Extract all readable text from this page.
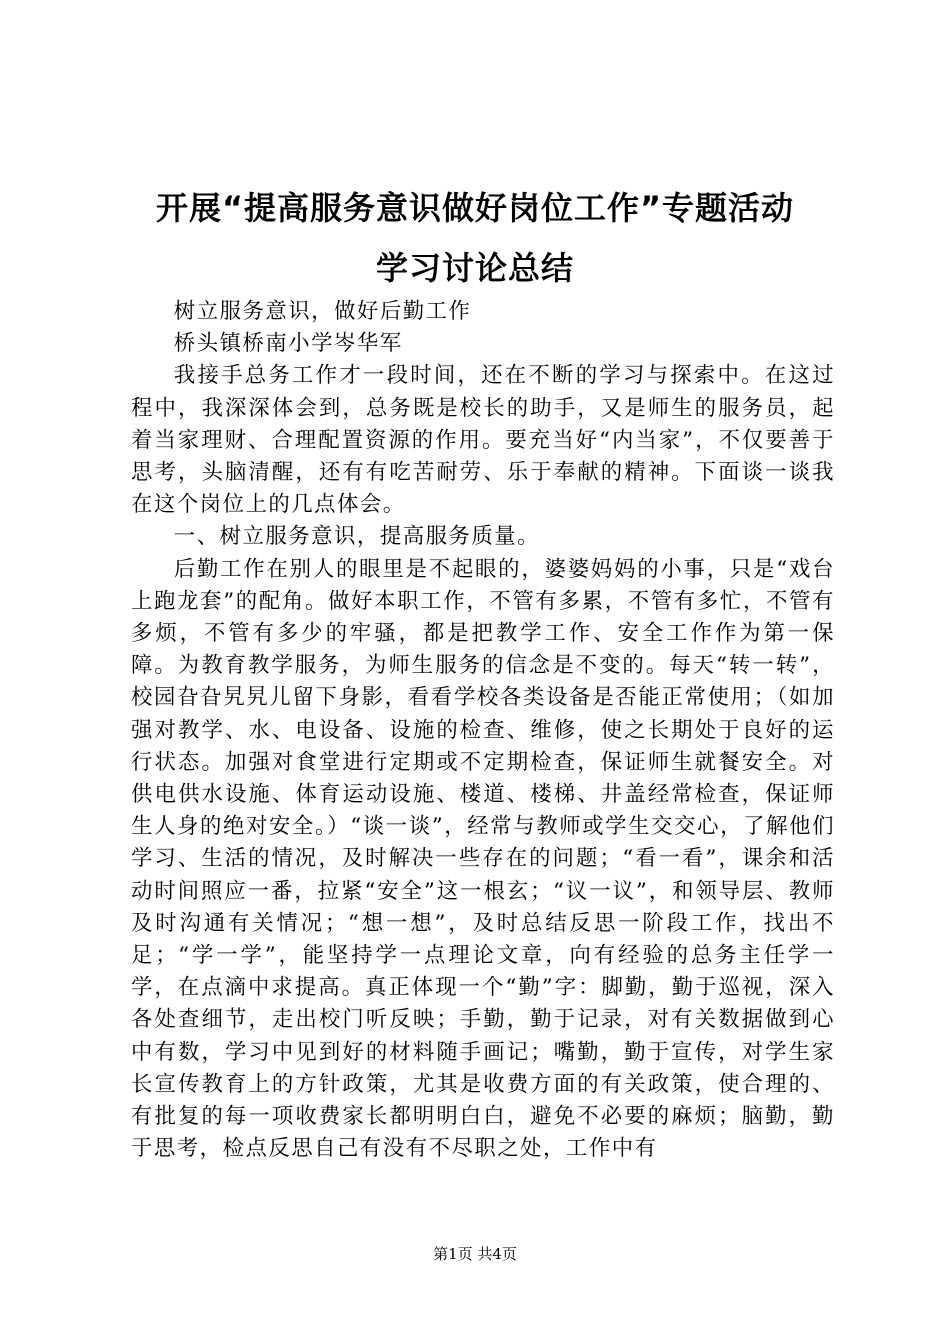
开展“提高服务意识做好岗位工作”专题活动
学习讨论总结

树立服务意识，做好后勤工作

桥头镇桥南小学岑华军

我接手总务工作才一段时间，还在不断的学习与探索中。在这过程中，我深深体会到，总务既是校长的助手，又是师生的服务员，起着当家理财、合理配置资源的作用。要充当好“内当家”，不仅要善于思考，头脑清醒，还有有吃苦耐劳、乐于奉献的精神。下面谈一谈我在这个岗位上的几点体会。

一、树立服务意识，提高服务质量。

后勤工作在别人的眼里是不起眼的，婆婆妈妈的小事，只是“戏台上跑龙套”的配角。做好本职工作，不管有多累，不管有多忙，不管有多烦，不管有多少的牢骚，都是把教学工作、安全工作作为第一保障。为教育教学服务，为师生服务的信念是不变的。每天“转一转”，校园旮旮旯旯儿留下身影，看看学校各类设备是否能正常使用；（如加强对教学、水、电设备、设施的检查、维修，使之长期处于良好的运行状态。加强对食堂进行定期或不定期检查，保证师生就餐安全。对供电供水设施、体育运动设施、楼道、楼梯、井盖经常检查，保证师生人身的绝对安全。）“谈一谈”，经常与教师或学生交交心，了解他们学习、生活的情况，及时解决一些存在的问题；“看一看”，课余和活动时间照应一番，拉紧“安全”这一根玄；“议一议”，和领导层、教师及时沟通有关情况；“想一想”，及时总结反思一阶段工作，找出不足；“学一学”，能坚持学一点理论文章，向有经验的总务主任学一学，在点滴中求提高。真正体现一个“勤”字：脚勤，勤于巡视，深入各处查细节，走出校门听反映；手勤，勤于记录，对有关数据做到心中有数，学习中见到好的材料随手画记；嘴勤，勤于宣传，对学生家长宣传教育上的方针政策，尤其是收费方面的有关政策，使合理的、有批复的每一项收费家长都明明白白，避免不必要的麻烦；脑勤，勤于思考，检点反思自己有没有不尽职之处，工作中有

第1页 共4页
